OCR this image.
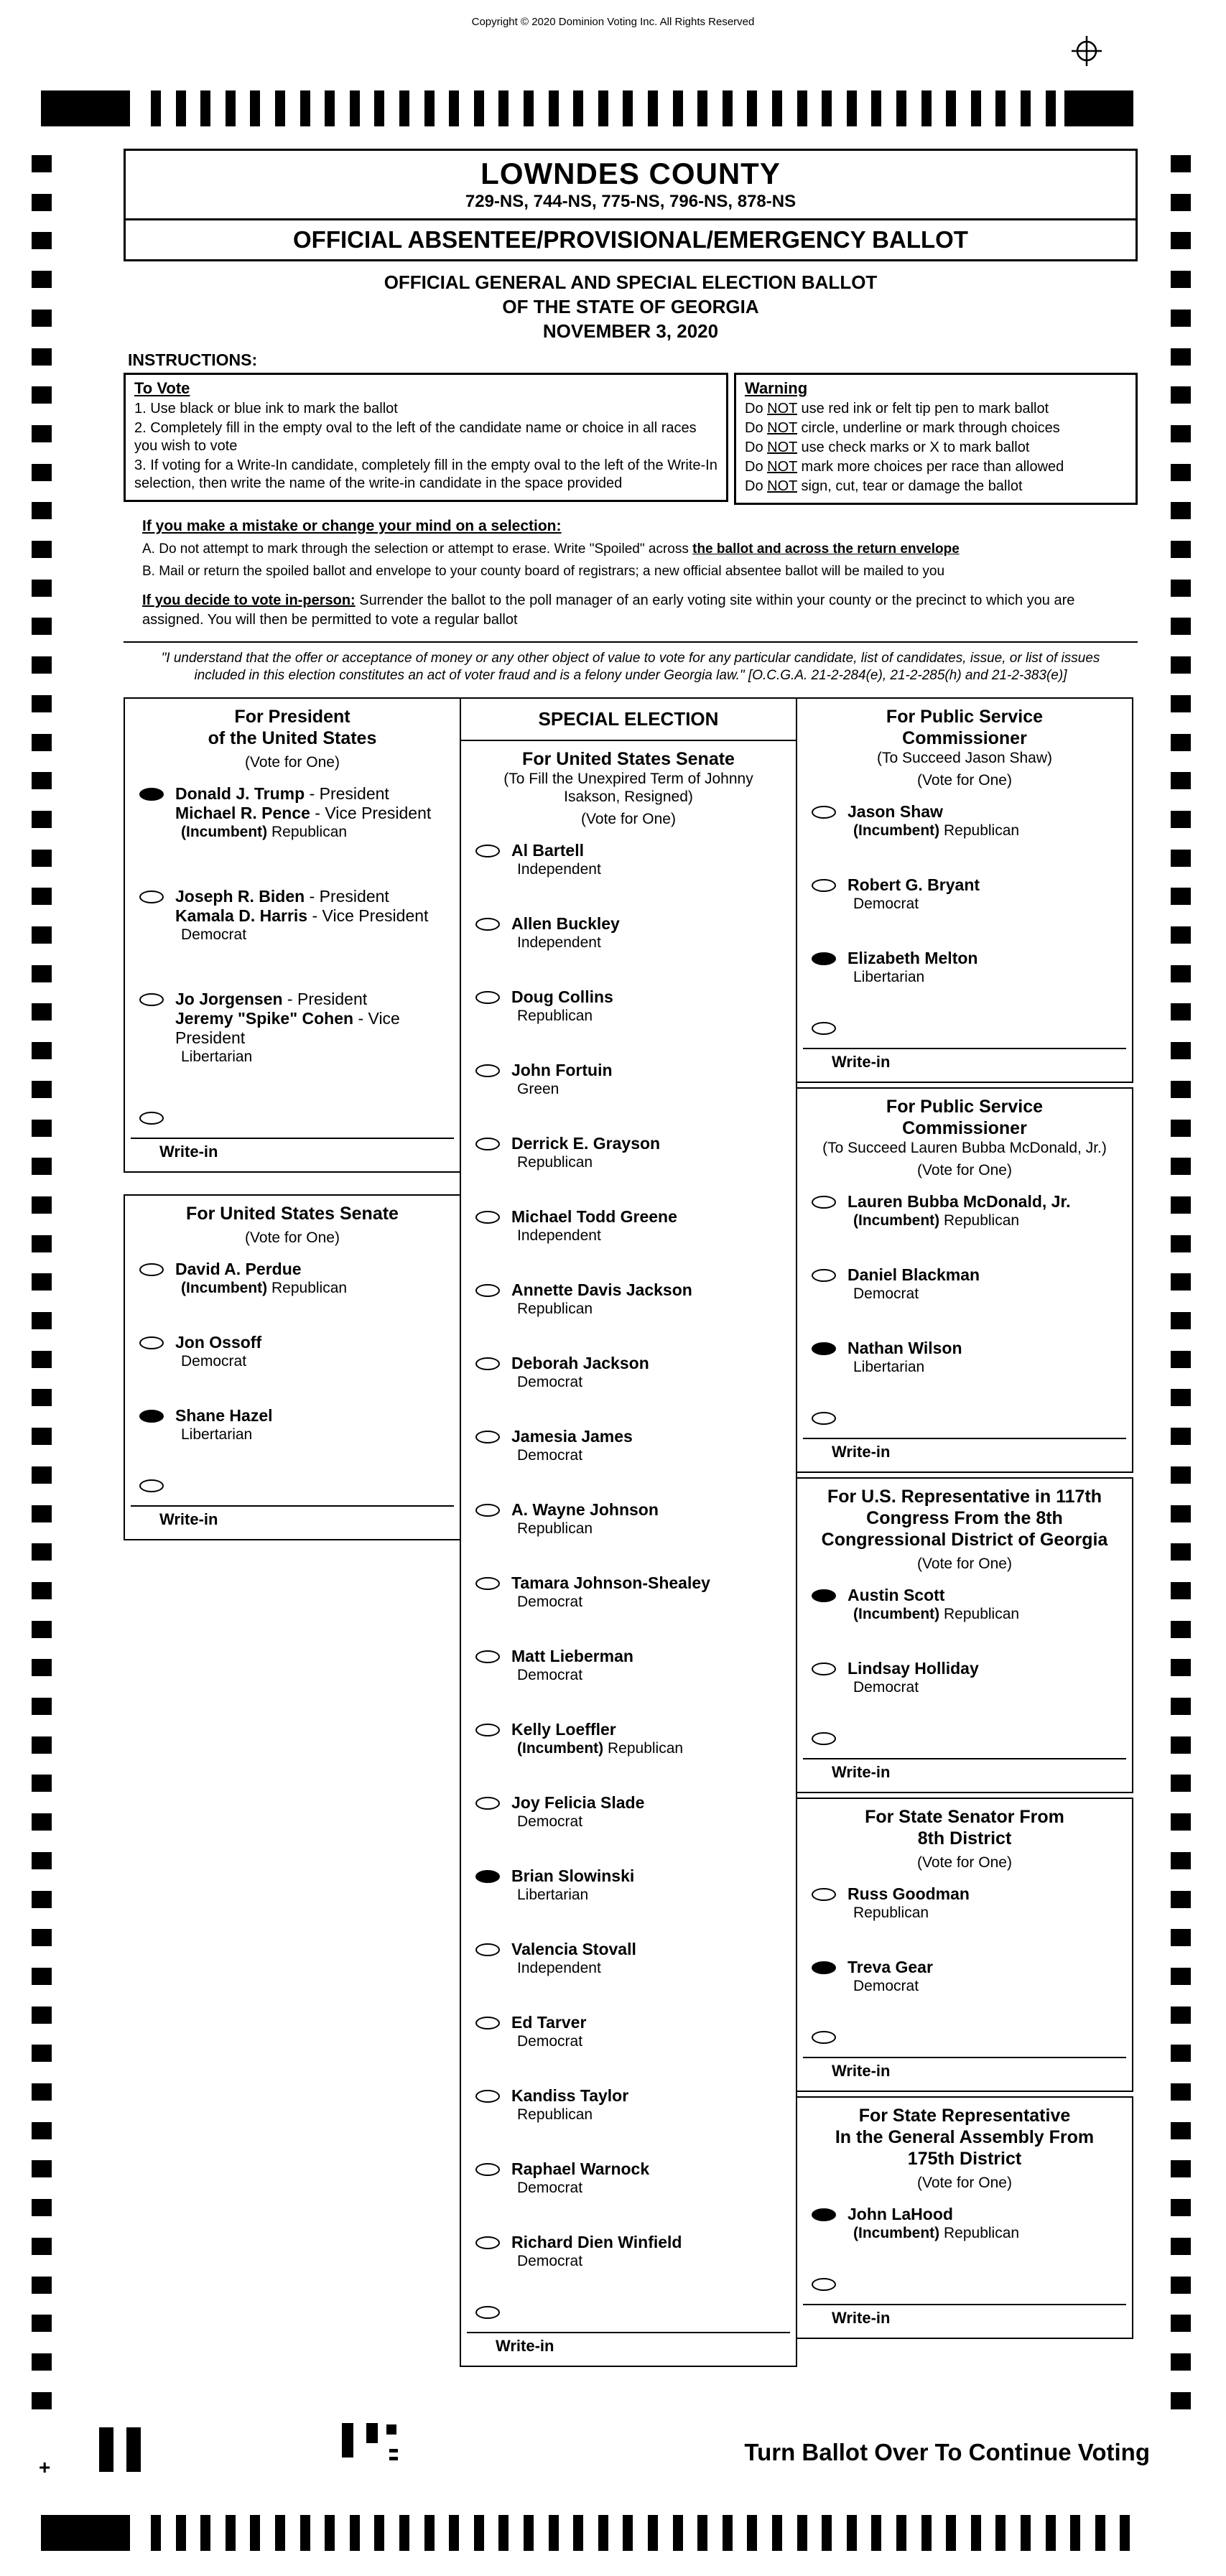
Copyright © 2020 Dominion Voting Inc. All Rights Reserved
LOWNDES COUNTY
729-NS, 744-NS, 775-NS, 796-NS, 878-NS
OFFICIAL ABSENTEE/PROVISIONAL/EMERGENCY BALLOT
OFFICIAL GENERAL AND SPECIAL ELECTION BALLOT
OF THE STATE OF GEORGIA
NOVEMBER 3, 2020
INSTRUCTIONS:
To Vote
1. Use black or blue ink to mark the ballot
2. Completely fill in the empty oval to the left of the candidate name or choice in all races you wish to vote
3. If voting for a Write-In candidate, completely fill in the empty oval to the left of the Write-In selection, then write the name of the write-in candidate in the space provided
Warning
Do NOT use red ink or felt tip pen to mark ballot
Do NOT circle, underline or mark through choices
Do NOT use check marks or X to mark ballot
Do NOT mark more choices per race than allowed
Do NOT sign, cut, tear or damage the ballot
If you make a mistake or change your mind on a selection:
A. Do not attempt to mark through the selection or attempt to erase. Write "Spoiled" across the ballot and across the return envelope
B. Mail or return the spoiled ballot and envelope to your county board of registrars; a new official absentee ballot will be mailed to you
If you decide to vote in-person: Surrender the ballot to the poll manager of an early voting site within your county or the precinct to which you are assigned. You will then be permitted to vote a regular ballot
"I understand that the offer or acceptance of money or any other object of value to vote for any particular candidate, list of candidates, issue, or list of issues included in this election constitutes an act of voter fraud and is a felony under Georgia law." [O.C.G.A. 21-2-284(e), 21-2-285(h) and 21-2-383(e)]
For President
of the United States
(Vote for One)
Donald J. Trump - President
Michael R. Pence - Vice President
(Incumbent) Republican
Joseph R. Biden - President
Kamala D. Harris - Vice President
Democrat
Jo Jorgensen - President
Jeremy "Spike" Cohen - Vice President
Libertarian
Write-in
For United States Senate
(Vote for One)
David A. Perdue
(Incumbent) Republican
Jon Ossoff
Democrat
Shane Hazel
Libertarian
Write-in
SPECIAL ELECTION
For United States Senate
(To Fill the Unexpired Term of Johnny
Isakson, Resigned)
(Vote for One)
Al Bartell
Independent
Allen Buckley
Independent
Doug Collins
Republican
John Fortuin
Green
Derrick E. Grayson
Republican
Michael Todd Greene
Independent
Annette Davis Jackson
Republican
Deborah Jackson
Democrat
Jamesia James
Democrat
A. Wayne Johnson
Republican
Tamara Johnson-Shealey
Democrat
Matt Lieberman
Democrat
Kelly Loeffler
(Incumbent) Republican
Joy Felicia Slade
Democrat
Brian Slowinski
Libertarian
Valencia Stovall
Independent
Ed Tarver
Democrat
Kandiss Taylor
Republican
Raphael Warnock
Democrat
Richard Dien Winfield
Democrat
Write-in
For Public Service
Commissioner
(To Succeed Jason Shaw)
(Vote for One)
Jason Shaw
(Incumbent) Republican
Robert G. Bryant
Democrat
Elizabeth Melton
Libertarian
Write-in
For Public Service
Commissioner
(To Succeed Lauren Bubba McDonald, Jr.)
(Vote for One)
Lauren Bubba McDonald, Jr.
(Incumbent) Republican
Daniel Blackman
Democrat
Nathan Wilson
Libertarian
Write-in
For U.S. Representative in 117th
Congress From the 8th
Congressional District of Georgia
(Vote for One)
Austin Scott
(Incumbent) Republican
Lindsay Holliday
Democrat
Write-in
For State Senator From
8th District
(Vote for One)
Russ Goodman
Republican
Treva Gear
Democrat
Write-in
For State Representative
In the General Assembly From
175th District
(Vote for One)
John LaHood
(Incumbent) Republican
Write-in
Turn Ballot Over To Continue Voting
+
